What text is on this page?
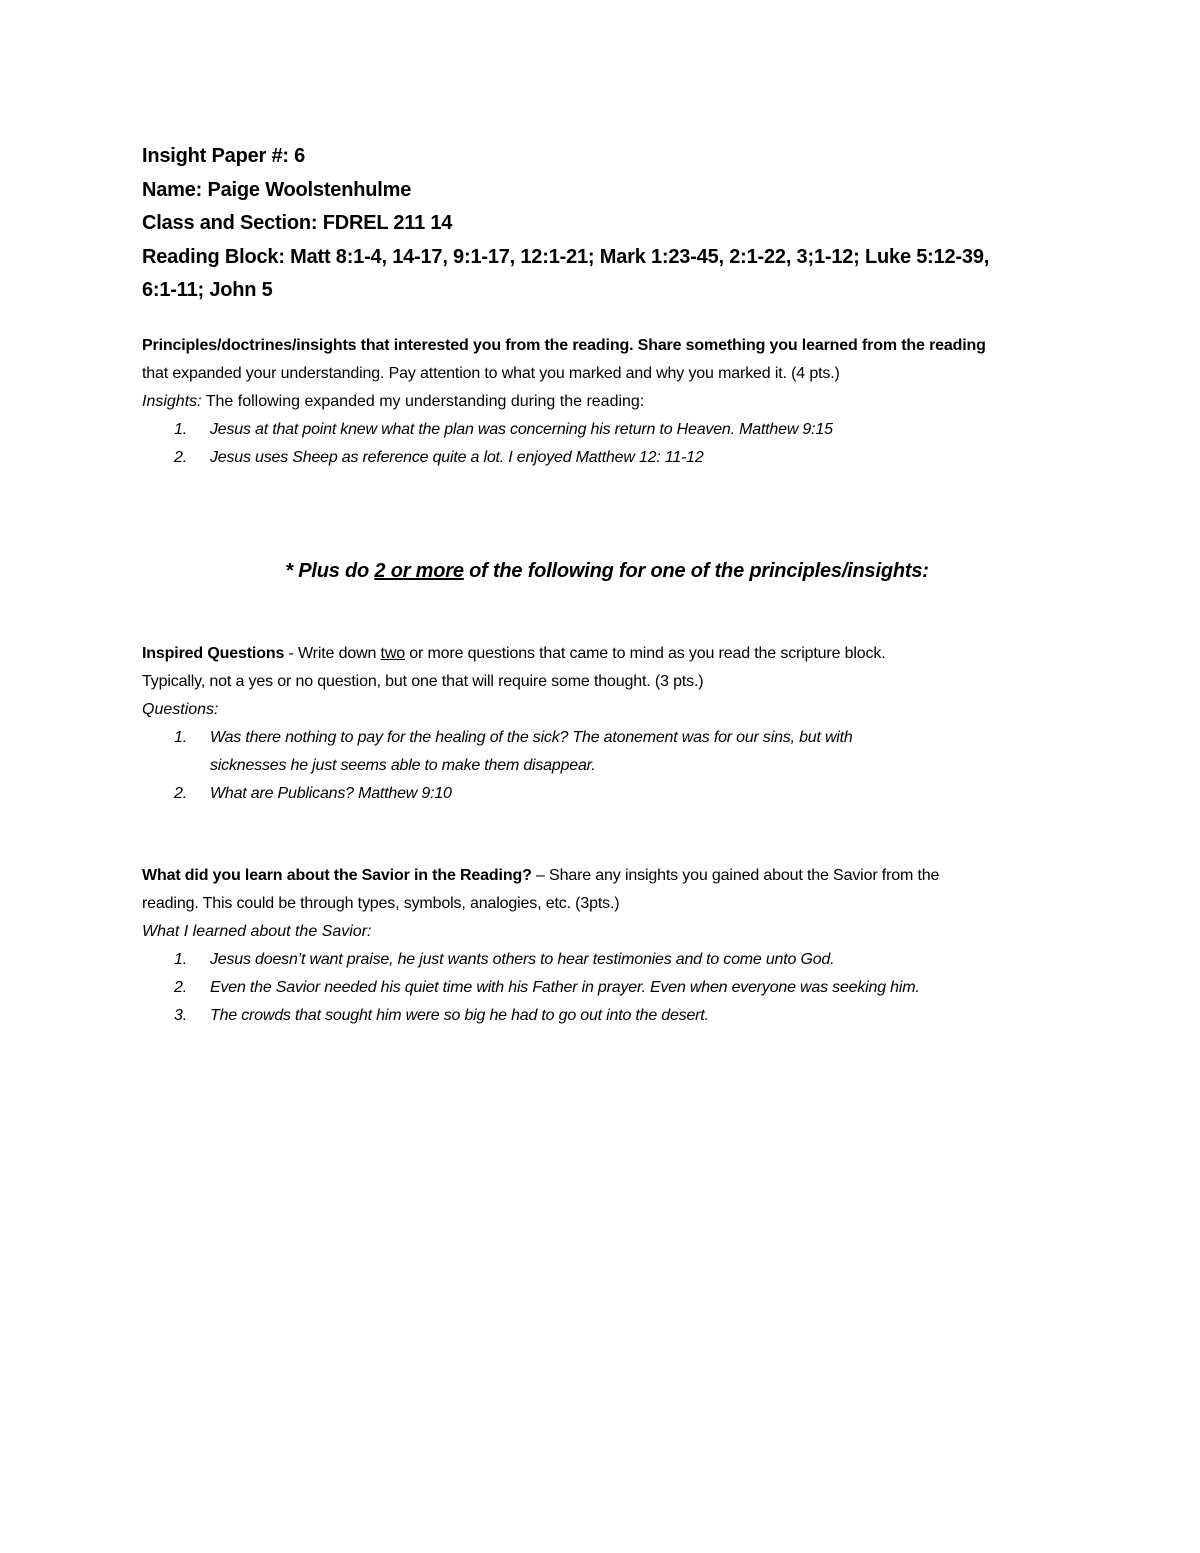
Insight Paper #: 6

Name: Paige Woolstenhulme

Class and Section: FDREL 211 14

Reading Block: Matt 8:1-4, 14-17, 9:1-17, 12:1-21; Mark 1:23-45, 2:1-22, 3;1-12; Luke 5:12-39,

6:1-11; John 5

Principles/doctrines/insights that interested you from the reading. Share something you learned from the reading

that expanded your understanding. Pay attention to what you marked and why you marked it. (4 pts.)

Insights: The following expanded my understanding during the reading:

1.	Jesus at that point knew what the plan was concerning his return to Heaven. Matthew 9:15
2.	Jesus uses Sheep as reference quite a lot. I enjoyed Matthew 12: 11-12

* Plus do 2 or more of the following for one of the principles/insights:

Inspired Questions - Write down two or more questions that came to mind as you read the scripture block.

Typically, not a yes or no question, but one that will require some thought. (3 pts.)

Questions:

1.	Was there nothing to pay for the healing of the sick? The atonement was for our sins, but with
sicknesses he just seems able to make them disappear.
2.	What are Publicans? Matthew 9:10

What did you learn about the Savior in the Reading? – Share any insights you gained about the Savior from the

reading. This could be through types, symbols, analogies, etc. (3pts.)

What I learned about the Savior:

1.	Jesus doesn’t want praise, he just wants others to hear testimonies and to come unto God.
2.	Even the Savior needed his quiet time with his Father in prayer. Even when everyone was seeking him.
3.	The crowds that sought him were so big he had to go out into the desert.
